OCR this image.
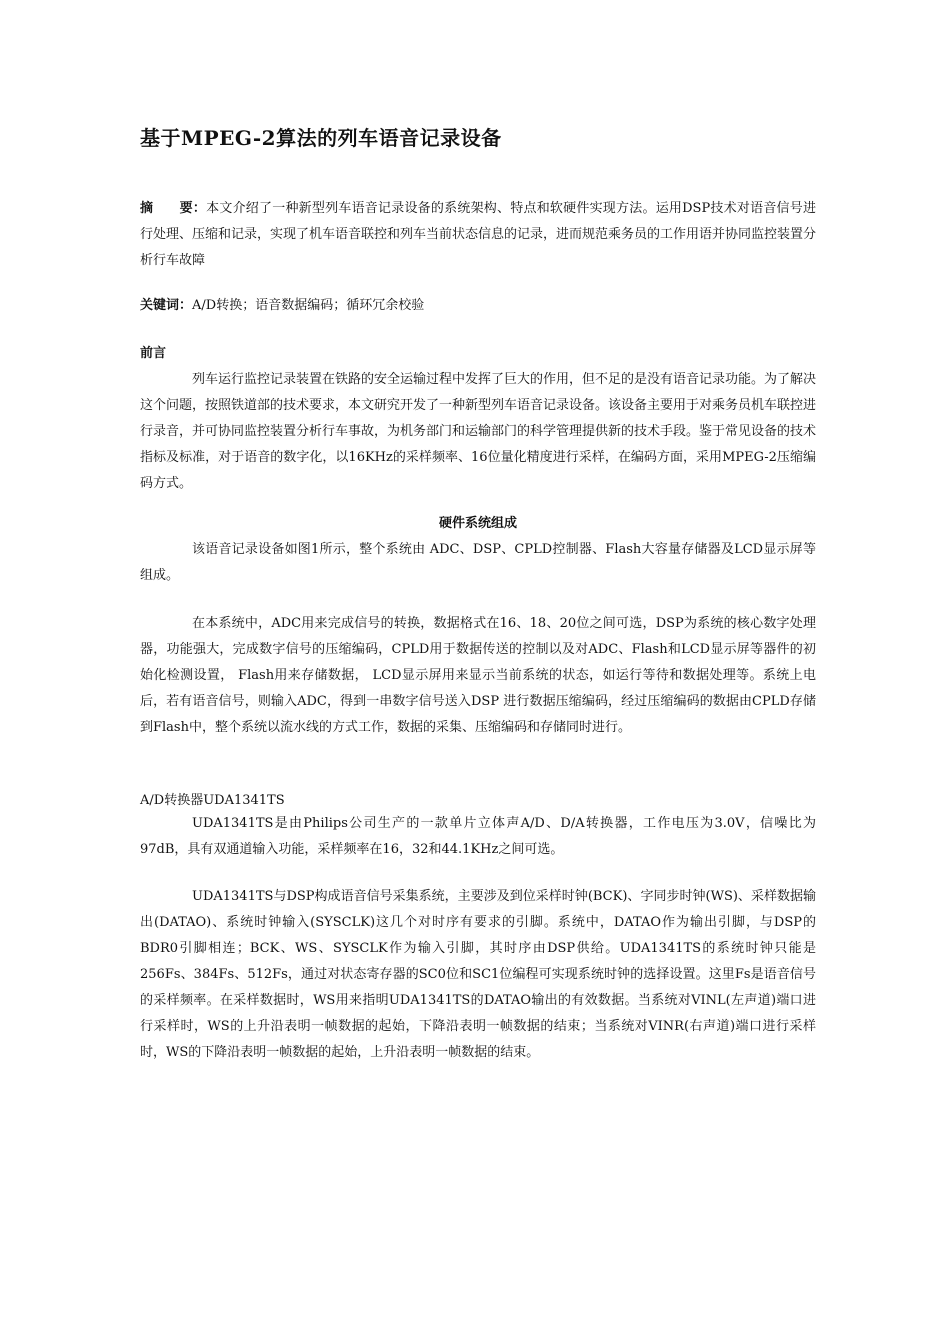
基于MPEG-2算法的列车语音记录设备

摘　　要：本文介绍了一种新型列车语音记录设备的系统架构、特点和软硬件实现方法。运用DSP技术对语音信号进行处理、压缩和记录，实现了机车语音联控和列车当前状态信息的记录，进而规范乘务员的工作用语并协同监控装置分析行车故障

关键词：A/D转换；语音数据编码；循环冗余校验

前言

列车运行监控记录装置在铁路的安全运输过程中发挥了巨大的作用，但不足的是没有语音记录功能。为了解决这个问题，按照铁道部的技术要求，本文研究开发了一种新型列车语音记录设备。该设备主要用于对乘务员机车联控进行录音，并可协同监控装置分析行车事故，为机务部门和运输部门的科学管理提供新的技术手段。鉴于常见设备的技术指标及标准，对于语音的数字化，以16KHz的采样频率、16位量化精度进行采样，在编码方面，采用MPEG-2压缩编码方式。

硬件系统组成

该语音记录设备如图1所示，整个系统由 ADC、DSP、CPLD控制器、Flash大容量存储器及LCD显示屏等组成。

在本系统中，ADC用来完成信号的转换，数据格式在16、18、20位之间可选，DSP为系统的核心数字处理器，功能强大，完成数字信号的压缩编码，CPLD用于数据传送的控制以及对ADC、Flash和LCD显示屏等器件的初始化检测设置， Flash用来存储数据， LCD显示屏用来显示当前系统的状态，如运行等待和数据处理等。系统上电后，若有语音信号，则输入ADC，得到一串数字信号送入DSP 进行数据压缩编码，经过压缩编码的数据由CPLD存储到Flash中，整个系统以流水线的方式工作，数据的采集、压缩编码和存储同时进行。

A/D转换器UDA1341TS

UDA1341TS是由Philips公司生产的一款单片立体声A/D、D/A转换器，工作电压为3.0V，信噪比为97dB，具有双通道输入功能，采样频率在16，32和44.1KHz之间可选。

UDA1341TS与DSP构成语音信号采集系统，主要涉及到位采样时钟(BCK)、字同步时钟(WS)、采样数据输出(DATAO)、系统时钟输入(SYSCLK)这几个对时序有要求的引脚。系统中，DATAO作为输出引脚，与DSP的BDR0引脚相连；BCK、WS、SYSCLK作为输入引脚，其时序由DSP供给。UDA1341TS的系统时钟只能是256Fs、384Fs、512Fs，通过对状态寄存器的SC0位和SC1位编程可实现系统时钟的选择设置。这里Fs是语音信号的采样频率。在采样数据时，WS用来指明UDA1341TS的DATAO输出的有效数据。当系统对VINL(左声道)端口进行采样时，WS的上升沿表明一帧数据的起始，下降沿表明一帧数据的结束；当系统对VINR(右声道)端口进行采样时，WS的下降沿表明一帧数据的起始，上升沿表明一帧数据的结束。
